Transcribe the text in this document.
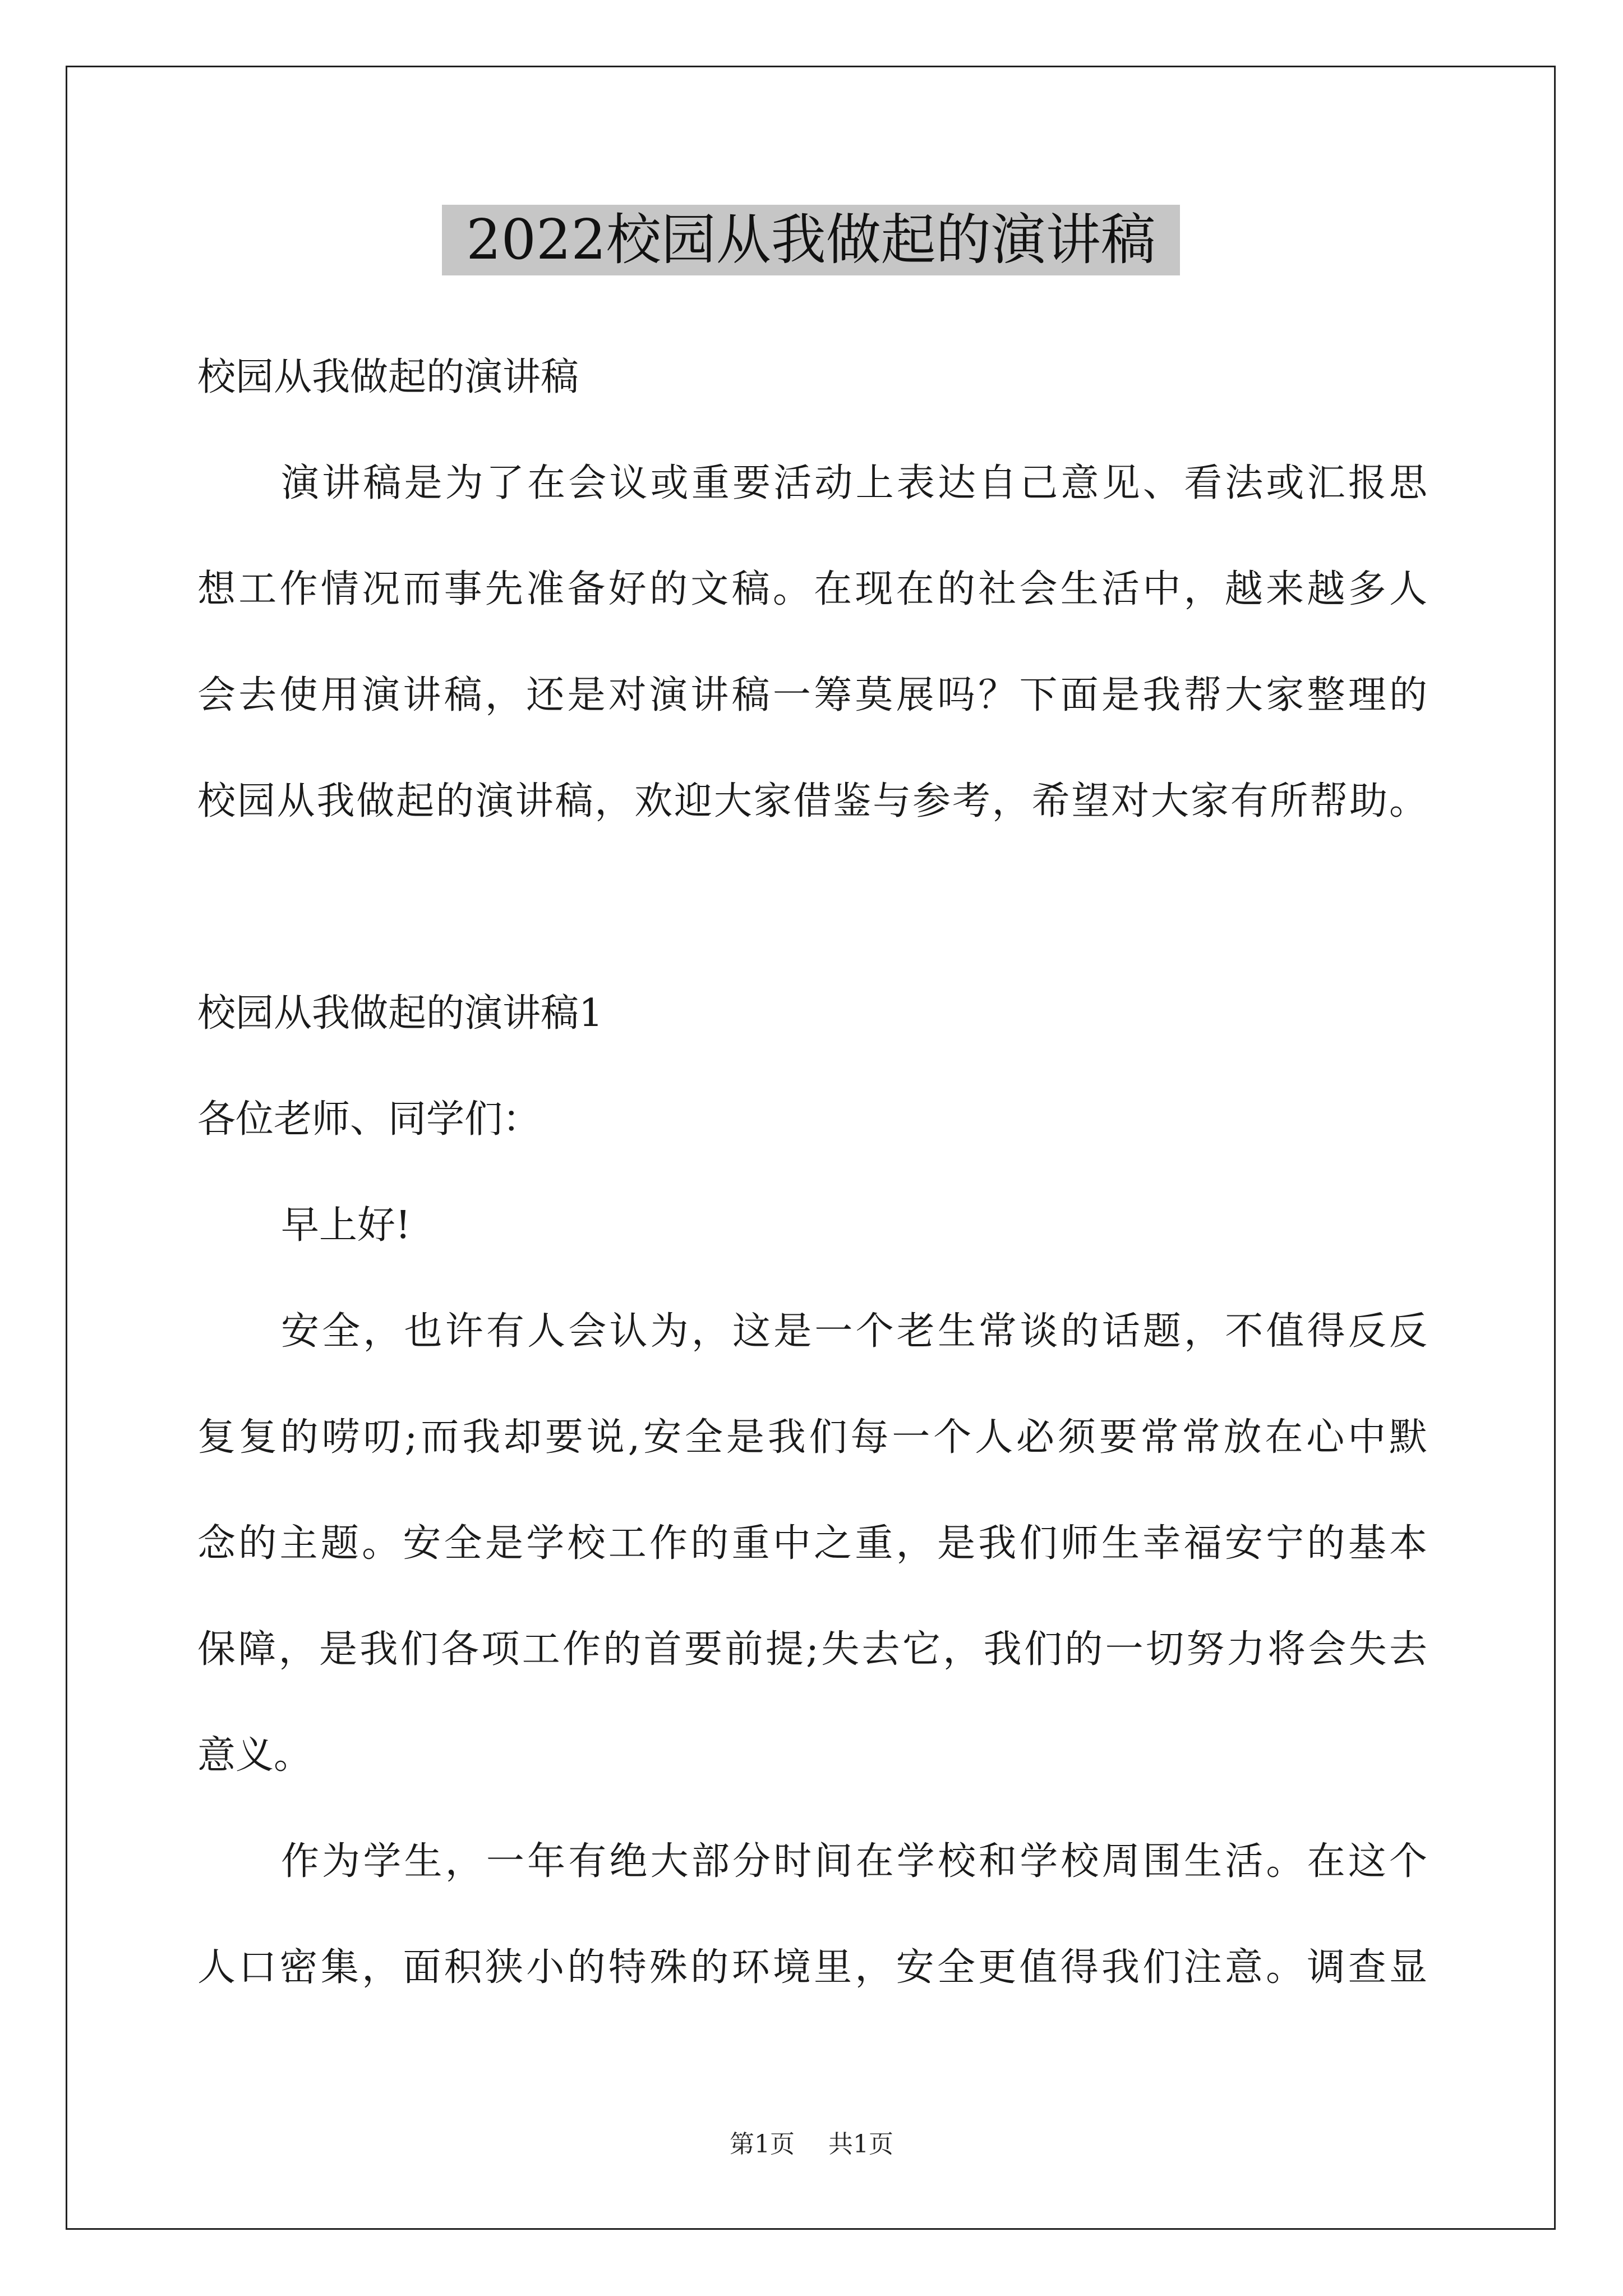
2022校园从我做起的演讲稿
校园从我做起的演讲稿
演讲稿是为了在会议或重要活动上表达自己意见、看法或汇报思
想工作情况而事先准备好的文稿。在现在的社会生活中，越来越多人
会去使用演讲稿，还是对演讲稿一筹莫展吗？下面是我帮大家整理的
校园从我做起的演讲稿，欢迎大家借鉴与参考，希望对大家有所帮助。
校园从我做起的演讲稿1
各位老师、同学们：
早上好!
安全，也许有人会认为，这是一个老生常谈的话题，不值得反反
复复的唠叨;而我却要说,安全是我们每一个人必须要常常放在心中默
念的主题。安全是学校工作的重中之重，是我们师生幸福安宁的基本
保障，是我们各项工作的首要前提;失去它，我们的一切努力将会失去
意义。
作为学生，一年有绝大部分时间在学校和学校周围生活。在这个
人口密集，面积狭小的特殊的环境里，安全更值得我们注意。调查显
第1页 共1页
